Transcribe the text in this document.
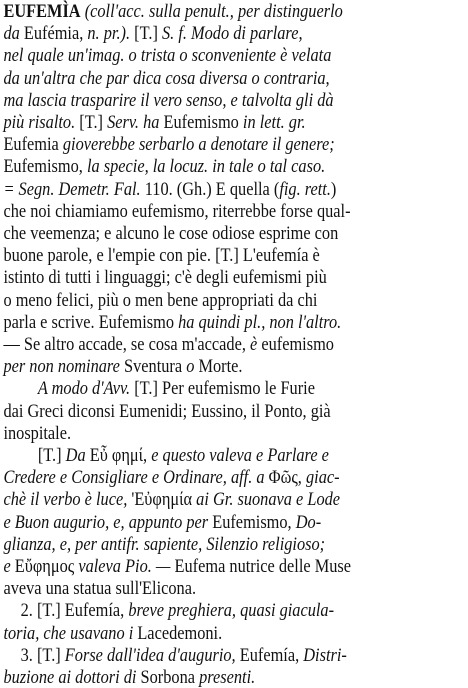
EUFEMÌA (coll'acc. sulla penult., per distinguerlo
da Eufémia, n. pr.). [T.] S. f. Modo di parlare,
nel quale un'imag. o trista o sconveniente è velata
da un'altra che par dica cosa diversa o contraria,
ma lascia trasparire il vero senso, e talvolta gli dà
più risalto. [T.] Serv. ha Eufemismo in lett. gr.
Eufemia gioverebbe serbarlo a denotare il genere;
Eufemismo, la specie, la locuz. in tale o tal caso.
= Segn. Demetr. Fal. 110. (Gh.) E quella (fig. rett.)
che noi chiamiamo eufemismo, riterrebbe forse qual-
che veemenza; e alcuno le cose odiose esprime con
buone parole, e l'empie con pie. [T.] L'eufemía è
istinto di tutti i linguaggi; c'è degli eufemismi più
o meno felici, più o men bene appropriati da chi
parla e scrive. Eufemismo ha quindi pl., non l'altro.
— Se altro accade, se cosa m'accade, è eufemismo
per non nominare Sventura o Morte.
A modo d'Avv. [T.] Per eufemismo le Furie
dai Greci diconsi Eumenidi; Eussino, il Ponto, già
inospitale.
[T.] Da Εὖ φημί, e questo valeva e Parlare e
Credere e Consigliare e Ordinare, aff. a Φῶς, giac-
chè il verbo è luce, 'Εὐφημία ai Gr. suonava e Lode
e Buon augurio, e, appunto per Eufemismo, Do-
glianza, e, per antifr. sapiente, Silenzio religioso;
e Εὔφημος valeva Pio. — Eufema nutrice delle Muse
aveva una statua sull'Elicona.
2. [T.] Eufemía, breve preghiera, quasi giacula-
toria, che usavano i Lacedemoni.
3. [T.] Forse dall'idea d'augurio, Eufemía, Distri-
buzione ai dottori di Sorbona presenti.
